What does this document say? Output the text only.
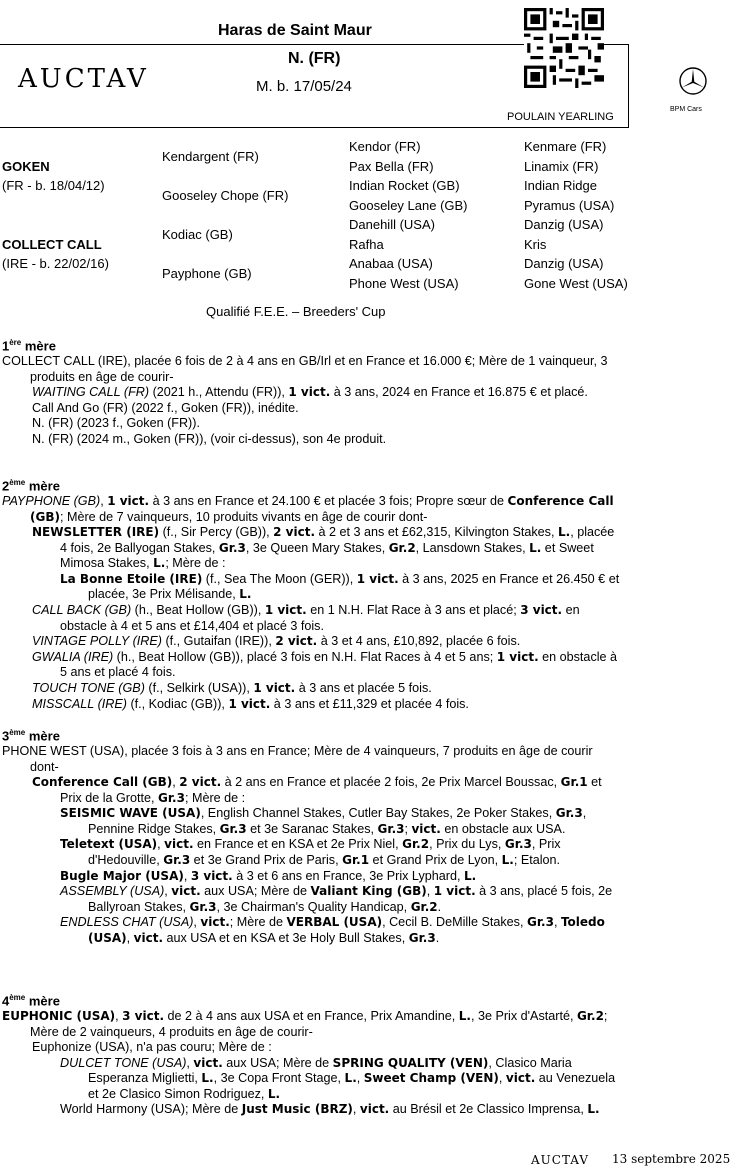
AUCTAV
Haras de Saint Maur
N. (FR)
M. b. 17/05/24
POULAIN YEARLING
BPM Cars
GOKEN
(FR - b. 18/04/12)
COLLECT CALL
(IRE - b. 22/02/16)
Kendargent (FR)
Gooseley Chope (FR)
Kodiac (GB)
Payphone (GB)
Kendor (FR)
Pax Bella (FR)
Indian Rocket (GB)
Gooseley Lane (GB)
Danehill (USA)
Rafha
Anabaa (USA)
Phone West (USA)
Kenmare (FR)
Linamix (FR)
Indian Ridge
Pyramus (USA)
Danzig (USA)
Kris
Danzig (USA)
Gone West (USA)
Qualifié F.E.E. – Breeders' Cup
1ère mère

COLLECT CALL (IRE), placée 6 fois de 2 à 4 ans en GB/Irl et en France et 16.000 €; Mère de 1 vainqueur, 3 produits en âge de courir-

WAITING CALL (FR) (2021 h., Attendu (FR)), 1 vict. à 3 ans, 2024 en France et 16.875 € et placé.

Call And Go (FR) (2022 f., Goken (FR)), inédite.

N. (FR) (2023 f., Goken (FR)).

N. (FR) (2024 m., Goken (FR)), (voir ci-dessus), son 4e produit.

2ème mère

PAYPHONE (GB), 1 vict. à 3 ans en France et 24.100 € et placée 3 fois; Propre sœur de Conference Call (GB); Mère de 7 vainqueurs, 10 produits vivants en âge de courir dont-

NEWSLETTER (IRE) (f., Sir Percy (GB)), 2 vict. à 2 et 3 ans et £62,315, Kilvington Stakes, L., placée 4 fois, 2e Ballyogan Stakes, Gr.3, 3e Queen Mary Stakes, Gr.2, Lansdown Stakes, L. et Sweet Mimosa Stakes, L.; Mère de :

La Bonne Etoile (IRE) (f., Sea The Moon (GER)), 1 vict. à 3 ans, 2025 en France et 26.450 € et placée, 3e Prix Mélisande, L.

CALL BACK (GB) (h., Beat Hollow (GB)), 1 vict. en 1 N.H. Flat Race à 3 ans et placé; 3 vict. en obstacle à 4 et 5 ans et £14,404 et placé 3 fois.

VINTAGE POLLY (IRE) (f., Gutaifan (IRE)), 2 vict. à 3 et 4 ans, £10,892, placée 6 fois.

GWALIA (IRE) (h., Beat Hollow (GB)), placé 3 fois en N.H. Flat Races à 4 et 5 ans; 1 vict. en obstacle à 5 ans et placé 4 fois.

TOUCH TONE (GB) (f., Selkirk (USA)), 1 vict. à 3 ans et placée 5 fois.

MISSCALL (IRE) (f., Kodiac (GB)), 1 vict. à 3 ans et £11,329 et placée 4 fois.

3ème mère

PHONE WEST (USA), placée 3 fois à 3 ans en France; Mère de 4 vainqueurs, 7 produits en âge de courir dont-

Conference Call (GB), 2 vict. à 2 ans en France et placée 2 fois, 2e Prix Marcel Boussac, Gr.1 et Prix de la Grotte, Gr.3; Mère de :

SEISMIC WAVE (USA), English Channel Stakes, Cutler Bay Stakes, 2e Poker Stakes, Gr.3, Pennine Ridge Stakes, Gr.3 et 3e Saranac Stakes, Gr.3; vict. en obstacle aux USA.

Teletext (USA), vict. en France et en KSA et 2e Prix Niel, Gr.2, Prix du Lys, Gr.3, Prix d'Hedouville, Gr.3 et 3e Grand Prix de Paris, Gr.1 et Grand Prix de Lyon, L.; Etalon.

Bugle Major (USA), 3 vict. à 3 et 6 ans en France, 3e Prix Lyphard, L.

ASSEMBLY (USA), vict. aux USA; Mère de Valiant King (GB), 1 vict. à 3 ans, placé 5 fois, 2e Ballyroan Stakes, Gr.3, 3e Chairman's Quality Handicap, Gr.2.

ENDLESS CHAT (USA), vict.; Mère de VERBAL (USA), Cecil B. DeMille Stakes, Gr.3, Toledo (USA), vict. aux USA et en KSA et 3e Holy Bull Stakes, Gr.3.

4ème mère

EUPHONIC (USA), 3 vict. de 2 à 4 ans aux USA et en France, Prix Amandine, L., 3e Prix d'Astarté, Gr.2; Mère de 2 vainqueurs, 4 produits en âge de courir-

Euphonize (USA), n'a pas couru; Mère de :

DULCET TONE (USA), vict. aux USA; Mère de SPRING QUALITY (VEN), Clasico Maria Esperanza Miglietti, L., 3e Copa Front Stage, L., Sweet Champ (VEN), vict. au Venezuela et 2e Clasico Simon Rodriguez, L.

World Harmony (USA); Mère de Just Music (BRZ), vict. au Brésil et 2e Classico Imprensa, L.

AUCTAV 13 septembre 2025
